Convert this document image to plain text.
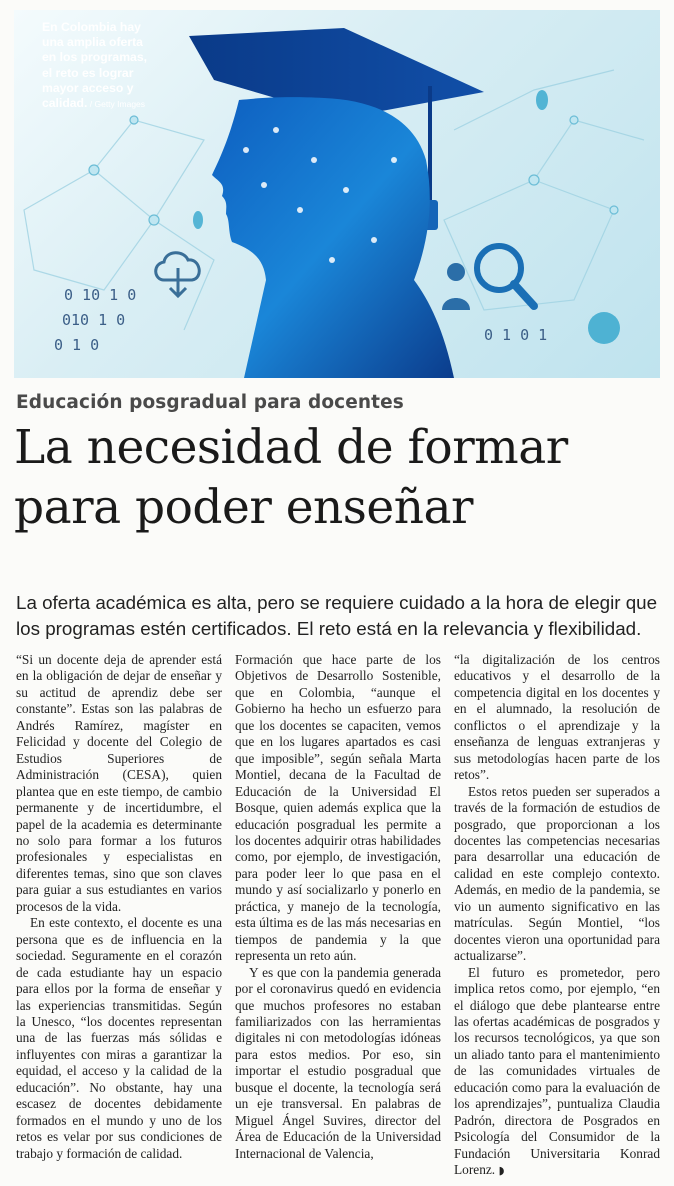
0 10 1 0
010 1 0
0 1 0
0 1 0 1
En Colombia hay una amplia oferta en los programas, el reto es lograr mayor acceso y calidad. / Getty Images
Educación posgradual para docentes
La necesidad de formar
para poder enseñar
La oferta académica es alta, pero se requiere cuidado a la hora de elegir que los programas estén certificados. El reto está en la relevancia y flexibilidad.

“Si un docente deja de aprender está en la obligación de dejar de enseñar y su actitud de aprendiz debe ser constante”. Estas son las palabras de Andrés Ramírez, magíster en Felicidad y docente del Colegio de Estudios Superiores de Administración (CESA), quien plantea que en este tiempo, de cambio permanente y de incertidumbre, el papel de la academia es determinante no solo para formar a los futuros profesionales y especialistas en diferentes temas, sino que son claves para guiar a sus estudiantes en varios procesos de la vida.

En este contexto, el docente es una persona que es de influencia en la sociedad. Seguramente en el corazón de cada estudiante hay un espacio para ellos por la forma de enseñar y las experiencias transmitidas. Según la Unesco, “los docentes representan una de las fuerzas más sólidas e influyentes con miras a garantizar la equidad, el acceso y la calidad de la educación”. No obstante, hay una escasez de docentes debidamente formados en el mundo y uno de los retos es velar por sus condiciones de trabajo y formación de calidad.

Formación que hace parte de los Objetivos de Desarrollo Sostenible, que en Colombia, “aunque el Gobierno ha hecho un esfuerzo para que los docentes se capaciten, vemos que en los lugares apartados es casi que imposible”, según señala Marta Montiel, decana de la Facultad de Educación de la Universidad El Bosque, quien además explica que la educación posgradual les permite a los docentes adquirir otras habilidades como, por ejemplo, de investigación, para poder leer lo que pasa en el mundo y así socializarlo y ponerlo en práctica, y manejo de la tecnología, esta última es de las más necesarias en tiempos de pandemia y la que representa un reto aún.

Y es que con la pandemia generada por el coronavirus quedó en evidencia que muchos profesores no estaban familiarizados con las herramientas digitales ni con metodologías idóneas para estos medios. Por eso, sin importar el estudio posgradual que busque el docente, la tecnología será un eje transversal. En palabras de Miguel Ángel Suvires, director del Área de Educación de la Universidad Internacional de Valencia,

“la digitalización de los centros educativos y el desarrollo de la competencia digital en los docentes y en el alumnado, la resolución de conflictos o el aprendizaje y la enseñanza de lenguas extranjeras y sus metodologías hacen parte de los retos”.

Estos retos pueden ser superados a través de la formación de estudios de posgrado, que proporcionan a los docentes las competencias necesarias para desarrollar una educación de calidad en este complejo contexto. Además, en medio de la pandemia, se vio un aumento significativo en las matrículas. Según Montiel, “los docentes vieron una oportunidad para actualizarse”.

El futuro es prometedor, pero implica retos como, por ejemplo, “en el diálogo que debe plantearse entre las ofertas académicas de posgrados y los recursos tecnológicos, ya que son un aliado tanto para el mantenimiento de las comunidades virtuales de educación como para la evaluación de los aprendizajes”, puntualiza Claudia Padrón, directora de Posgrados en Psicología del Consumidor de la Fundación Universitaria Konrad Lorenz. ◗
